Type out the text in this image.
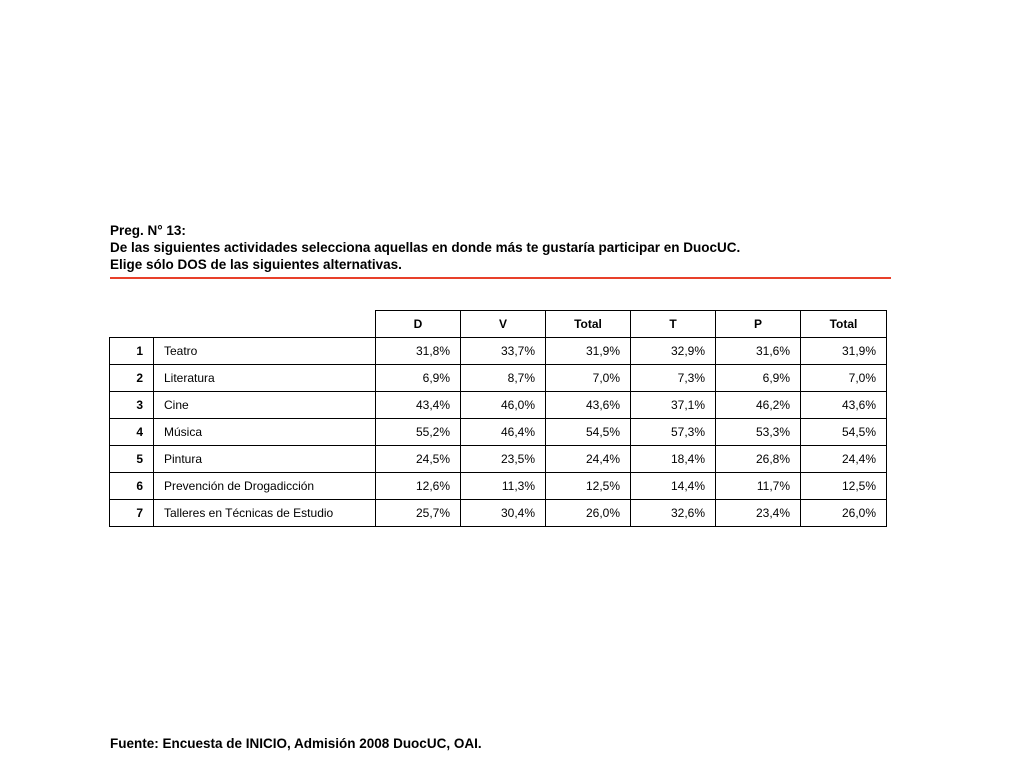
Preg. N° 13:
De las siguientes actividades selecciona aquellas en donde más te gustaría participar en DuocUC.
Elige sólo DOS de las siguientes alternativas.
		D	V	Total	T	P	Total
1	Teatro	31,8%	33,7%	31,9%	32,9%	31,6%	31,9%
2	Literatura	6,9%	8,7%	7,0%	7,3%	6,9%	7,0%
3	Cine	43,4%	46,0%	43,6%	37,1%	46,2%	43,6%
4	Música	55,2%	46,4%	54,5%	57,3%	53,3%	54,5%
5	Pintura	24,5%	23,5%	24,4%	18,4%	26,8%	24,4%
6	Prevención de Drogadicción	12,6%	11,3%	12,5%	14,4%	11,7%	12,5%
7	Talleres en Técnicas de Estudio	25,7%	30,4%	26,0%	32,6%	23,4%	26,0%
Fuente: Encuesta de INICIO, Admisión 2008 DuocUC, OAI.
